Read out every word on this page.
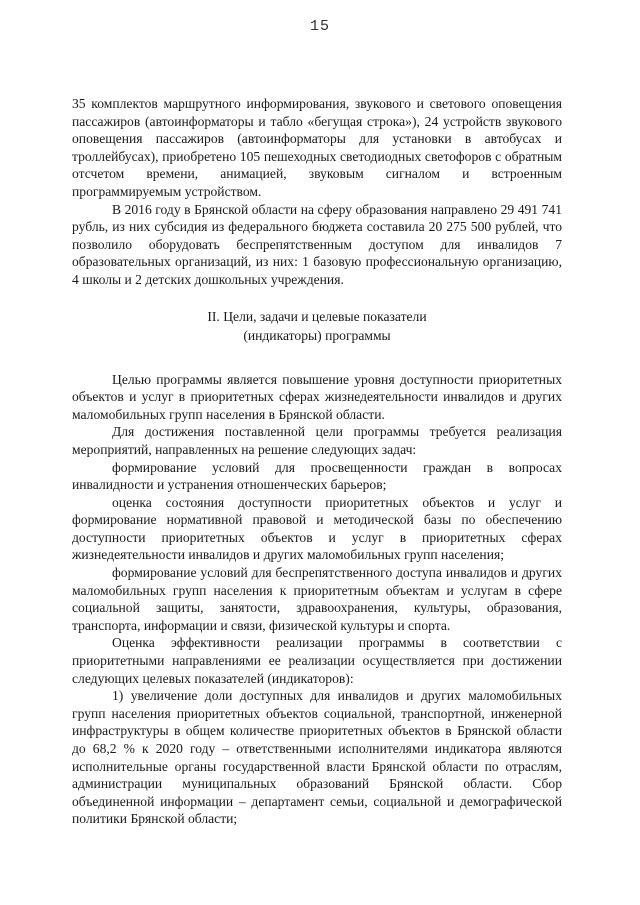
15

35 комплектов маршрутного информирования, звукового и светового оповещения пассажиров (автоинформаторы и табло «бегущая строка»), 24 устройств звукового оповещения пассажиров (автоинформаторы для установки в автобусах и троллейбусах), приобретено 105 пешеходных светодиодных светофоров с обратным отсчетом времени, анимацией, звуковым сигналом и встроенным программируемым устройством.

В 2016 году в Брянской области на сферу образования направлено 29 491 741 рубль, из них субсидия из федерального бюджета составила 20 275 500 рублей, что позволило оборудовать беспрепятственным доступом для инвалидов 7 образовательных организаций, из них: 1 базовую профессиональную организацию, 4 школы и 2 детских дошкольных учреждения.

II. Цели, задачи и целевые показатели
(индикаторы) программы

Целью программы является повышение уровня доступности приоритетных объектов и услуг в приоритетных сферах жизнедеятельности инвалидов и других маломобильных групп населения в Брянской области.

Для достижения поставленной цели программы требуется реализация мероприятий, направленных на решение следующих задач:

формирование условий для просвещенности граждан в вопросах инвалидности и устранения отношенческих барьеров;

оценка состояния доступности приоритетных объектов и услуг и формирование нормативной правовой и методической базы по обеспечению доступности приоритетных объектов и услуг в приоритетных сферах жизнедеятельности инвалидов и других маломобильных групп населения;

формирование условий для беспрепятственного доступа инвалидов и других маломобильных групп населения к приоритетным объектам и услугам в сфере социальной защиты, занятости, здравоохранения, культуры, образования, транспорта, информации и связи, физической культуры и спорта.

Оценка эффективности реализации программы в соответствии с приоритетными направлениями ее реализации осуществляется при достижении следующих целевых показателей (индикаторов):

1) увеличение доли доступных для инвалидов и других маломобильных групп населения приоритетных объектов социальной, транспортной, инженерной инфраструктуры в общем количестве приоритетных объектов в Брянской области до 68,2 % к 2020 году – ответственными исполнителями индикатора являются исполнительные органы государственной власти Брянской области по отраслям, администрации муниципальных образований Брянской области. Сбор объединенной информации – департамент семьи, социальной и демографической политики Брянской области;
